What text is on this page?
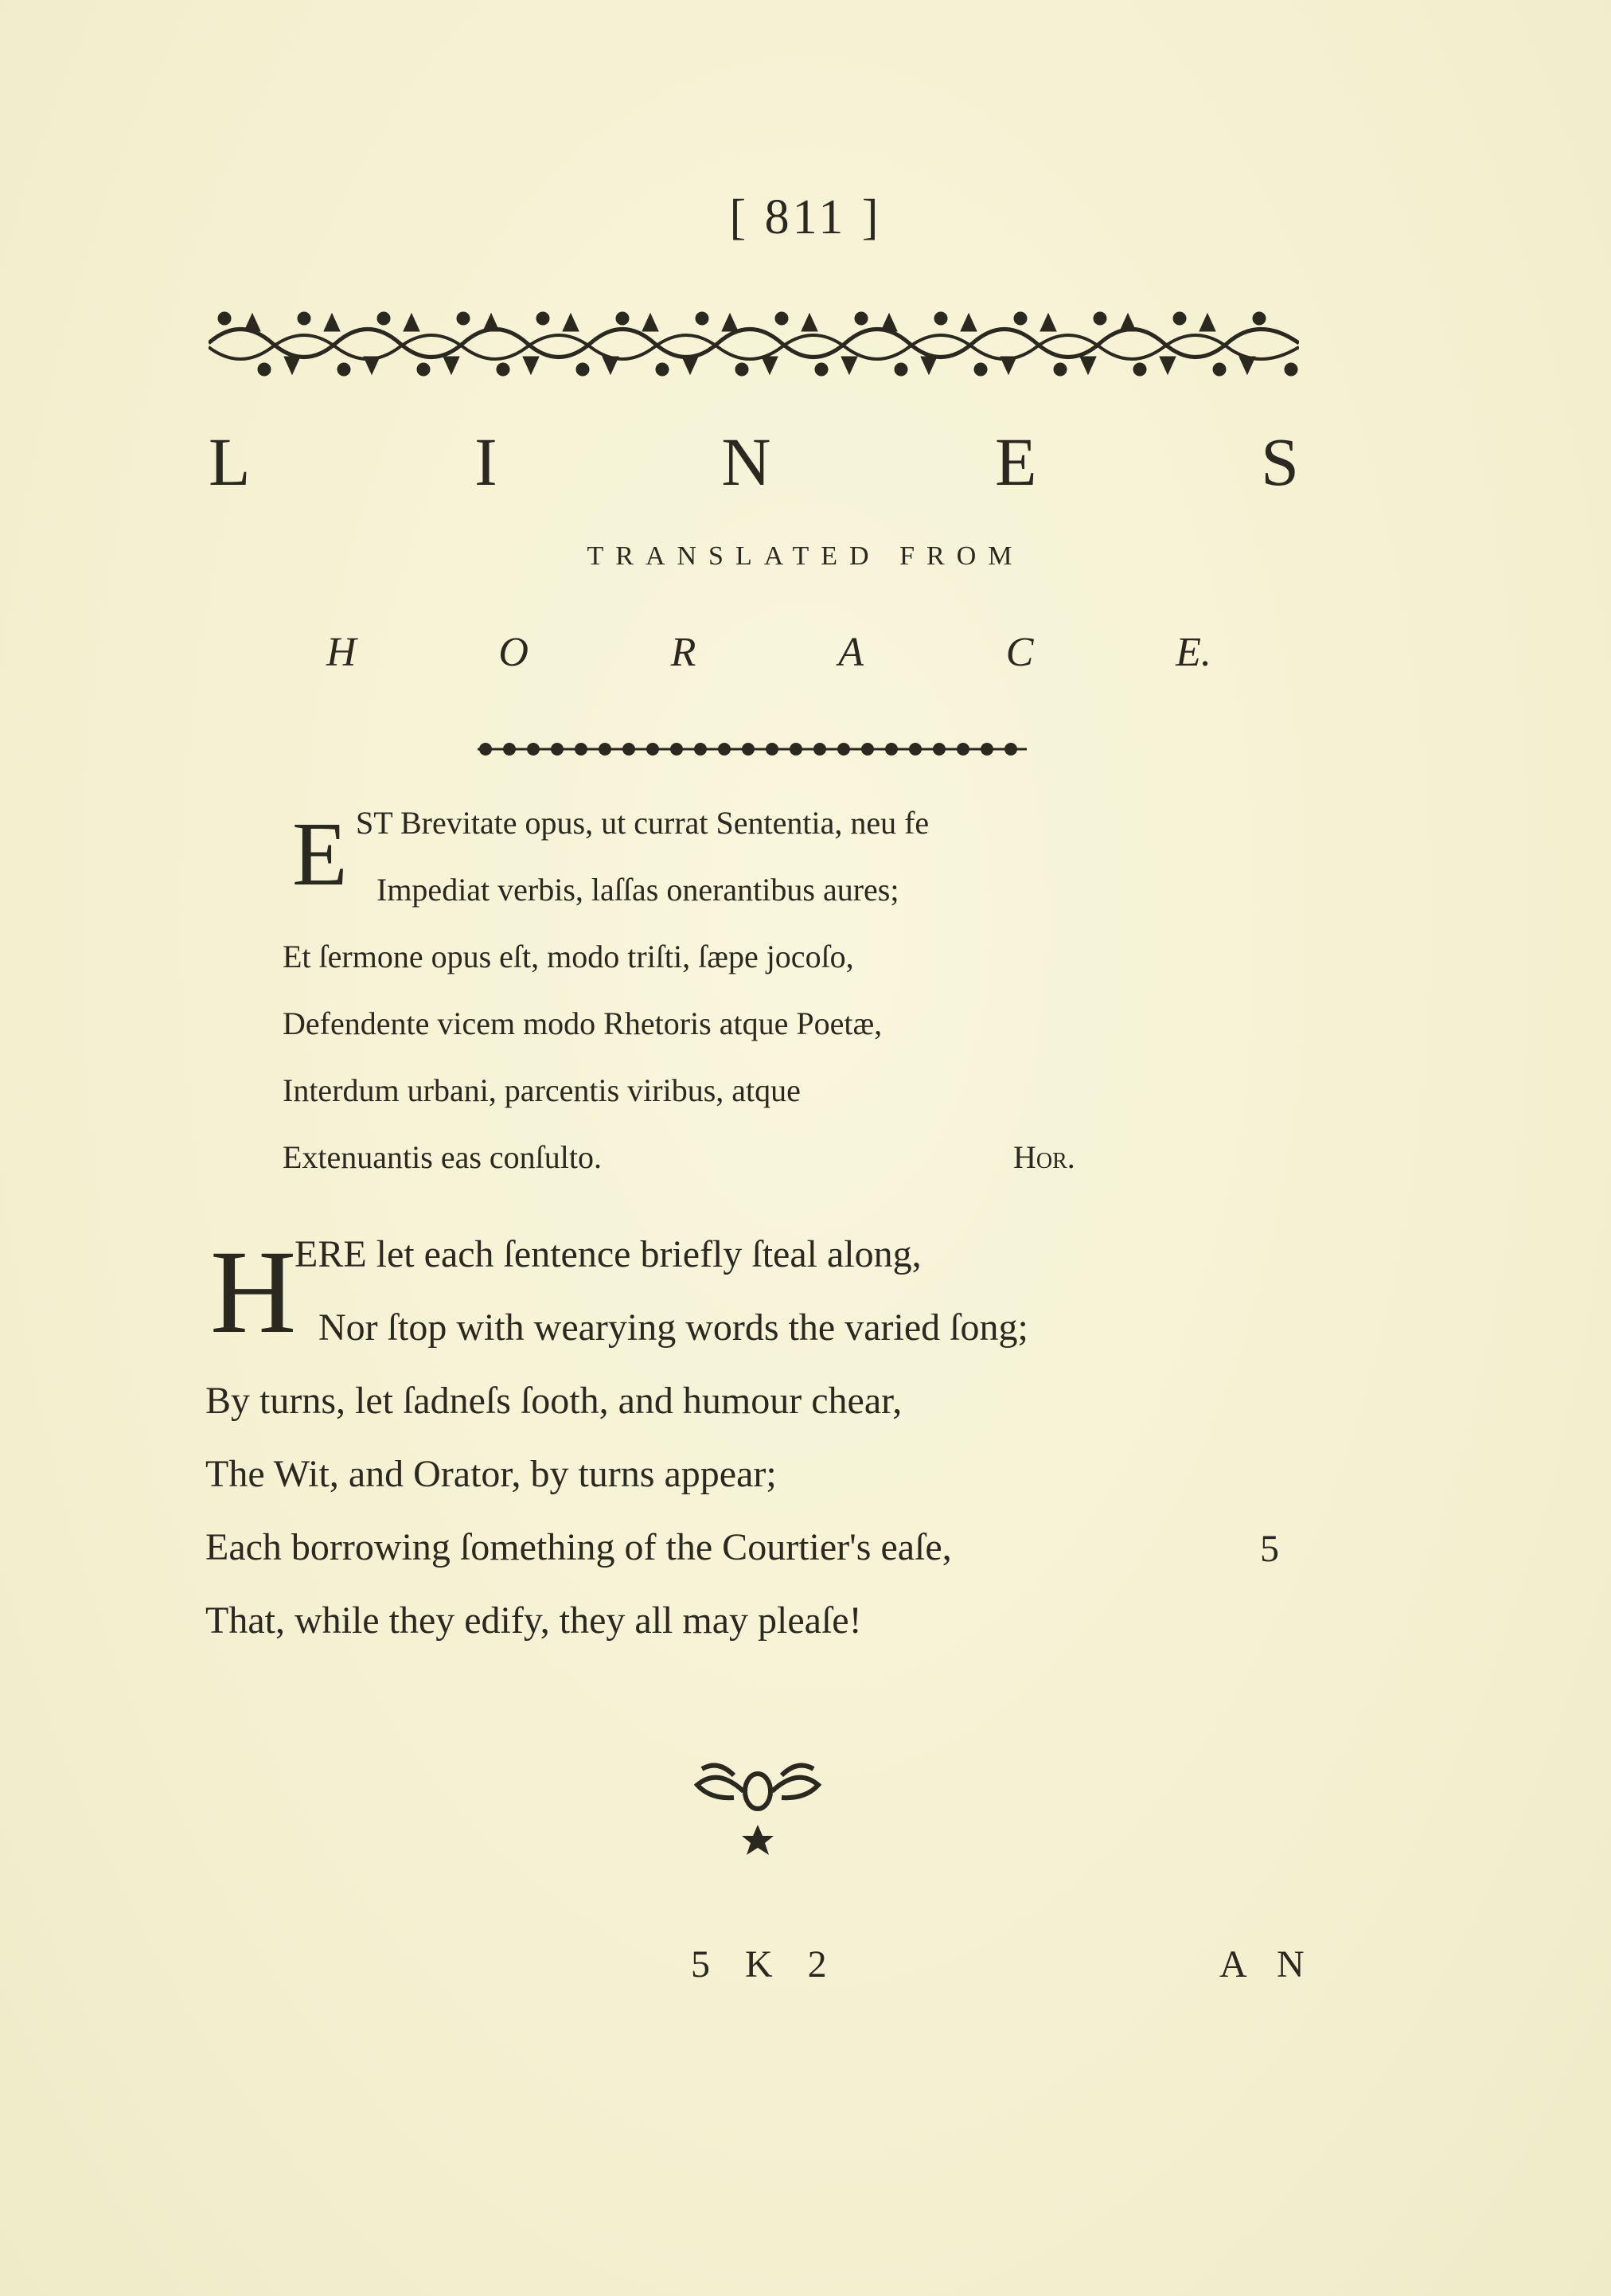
[ 811 ]
L	I	N	E	S
TRANSLATED FROM
H	O	R	A	C	E.
E ST Brevitate opus, ut currat Sententia, neu fe
Impediat verbis, laſſas onerantibus aures;
Et ſermone opus eſt, modo triſti, ſæpe jocoſo,
Defendente vicem modo Rhetoris atque Poetæ,
Interdum urbani, parcentis viribus, atque
Extenuantis eas conſulto.	Hor.
H
ERE let each ſentence briefly ſteal along,
Nor ſtop with wearying words the varied ſong;
By turns, let ſadneſs ſooth, and humour chear,
The Wit, and Orator, by turns appear;
Each borrowing ſomething of the Courtier's eaſe,
That, while they edify, they all may pleaſe!
5
5 K 2	A N
